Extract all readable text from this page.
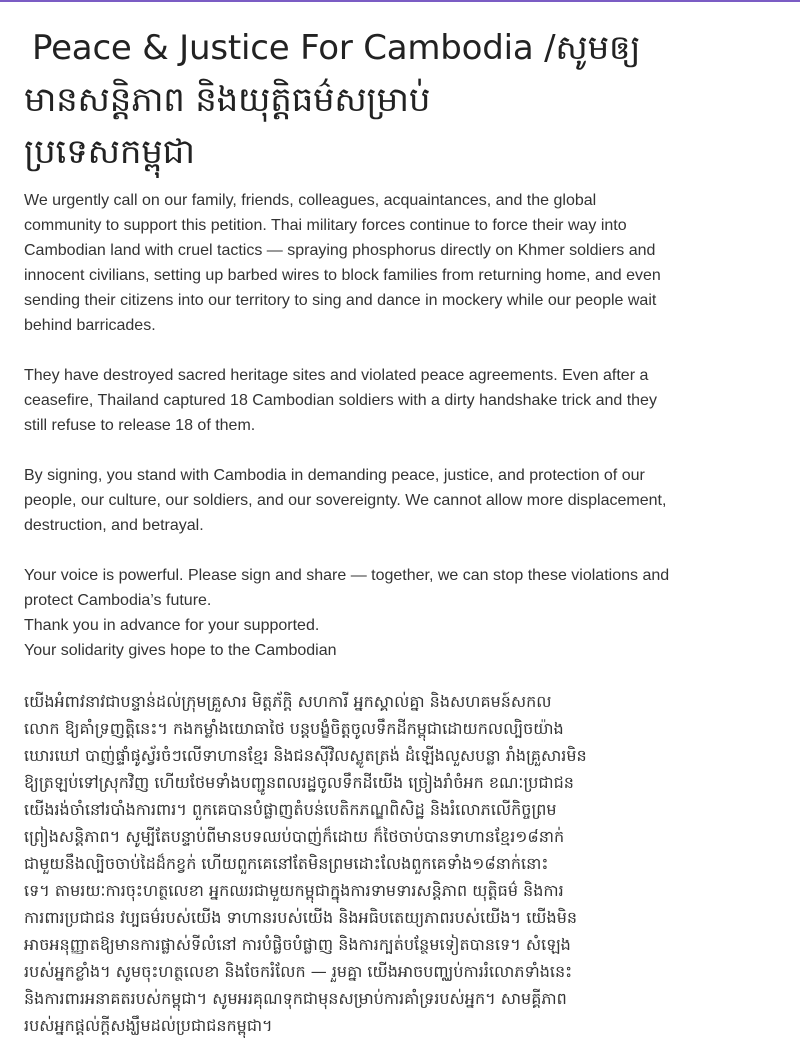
Peace & Justice For Cambodia /សូមឲ្យ
មានសន្តិភាព និងយុត្តិធម៌សម្រាប់
ប្រទេសកម្ពុជា

We urgently call on our family, friends, colleagues, acquaintances, and the global
community to support this petition. Thai military forces continue to force their way into
Cambodian land with cruel tactics — spraying phosphorus directly on Khmer soldiers and
innocent civilians, setting up barbed wires to block families from returning home, and even
sending their citizens into our territory to sing and dance in mockery while our people wait
behind barricades.

They have destroyed sacred heritage sites and violated peace agreements. Even after a
ceasefire, Thailand captured 18 Cambodian soldiers with a dirty handshake trick and they
still refuse to release 18 of them.

By signing, you stand with Cambodia in demanding peace, justice, and protection of our
people, our culture, our soldiers, and our sovereignty. We cannot allow more displacement,
destruction, and betrayal.

Your voice is powerful. Please sign and share — together, we can stop these violations and
protect Cambodia’s future.
Thank you in advance for your supported.
Your solidarity gives hope to the Cambodian

យើងអំពាវនាវជាបន្ទាន់ដល់ក្រុមគ្រួសារ មិត្តភ័ក្តិ សហការី អ្នកស្គាល់គ្នា និងសហគមន៍សកល
លោក ឱ្យគាំទ្រញត្តិនេះ។ កងកម្លាំងយោធាថៃ បន្តបង្ខំចិត្តចូលទឹកដីកម្ពុជាដោយកលល្បិចយ៉ាង
ឃោរឃៅ បាញ់ផ្ទាំផូស្វ័រចំៗលើទាហានខ្មែរ និងជនស៊ីវិលស្លូតត្រង់ ដំឡើងលួសបន្លា រាំងគ្រួសារមិន
ឱ្យត្រឡប់ទៅស្រុកវិញ ហើយថែមទាំងបញ្ជូនពលរដ្ឋចូលទឹកដីយើង ច្រៀងរាំចំអក ខណៈប្រជាជន
យើងរង់ចាំនៅរបាំងការពារ។ ពួកគេបានបំផ្លាញតំបន់បេតិកភណ្ឌពិសិដ្ឋ និងរំលោភលើកិច្ចព្រម
ព្រៀងសន្តិភាព។ សូម្បីតែបន្ទាប់ពីមានបទឈប់បាញ់ក៏ដោយ ក៏ថៃចាប់បានទាហានខ្មែរ១៨នាក់
ជាមួយនឹងល្បិចចាប់ដៃដ៏កខ្វក់ ហើយពួកគេនៅតែមិនព្រមដោះលែងពួកគេទាំង១៨នាក់នោះ
ទេ។ តាមរយៈការចុះហត្ថលេខា អ្នកឈរជាមួយកម្ពុជាក្នុងការទាមទារសន្តិភាព យុត្តិធម៌ និងការ
ការពារប្រជាជន វប្បធម៌របស់យើង ទាហានរបស់យើង និងអធិបតេយ្យភាពរបស់យើង។ យើងមិន
អាចអនុញ្ញាតឱ្យមានការផ្លាស់ទីលំនៅ ការបំផ្លិចបំផ្លាញ និងការក្បត់បន្ថែមទៀតបានទេ។ សំឡេង
របស់អ្នកខ្លាំង។ សូមចុះហត្ថលេខា និងចែករំលែក — រួមគ្នា យើងអាចបញ្ឈប់ការរំលោភទាំងនេះ
និងការពារអនាគតរបស់កម្ពុជា។ សូមអរគុណទុកជាមុនសម្រាប់ការគាំទ្ររបស់អ្នក។ សាមគ្គីភាព
របស់អ្នកផ្តល់ក្តីសង្ឃឹមដល់ប្រជាជនកម្ពុជា។
